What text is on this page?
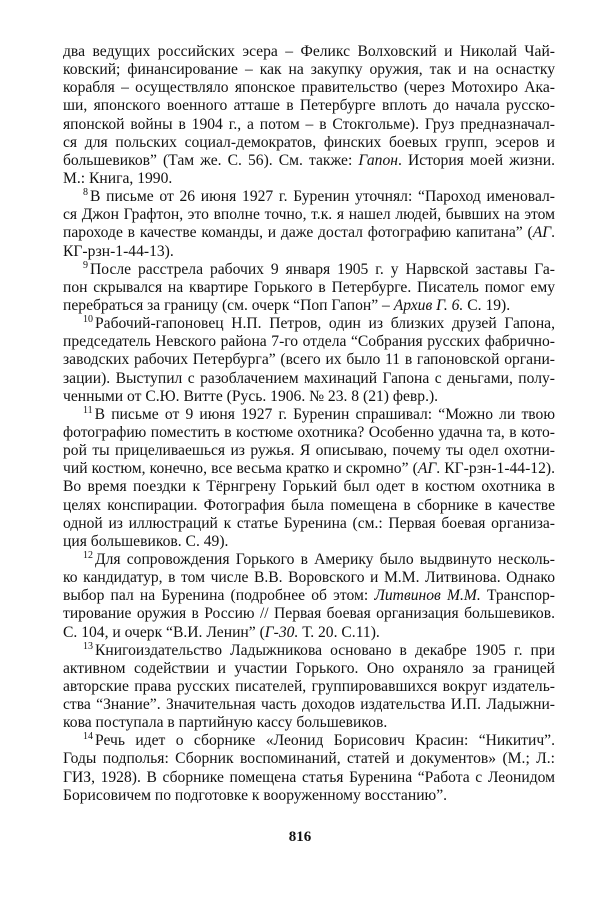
два ведущих российских эсера – Феликс Волховский и Николай Чай-
ковский; финансирование – как на закупку оружия, так и на оснастку
корабля – осуществляло японское правительство (через Мотохиро Ака-
ши, японского военного атташе в Петербурге вплоть до начала русско-
японской войны в 1904 г., а потом – в Стокгольме). Груз предназначал-
ся для польских социал-демократов, финских боевых групп, эсеров и
большевиков” (Там же. С. 56). См. также: Гапон. История моей жизни.
М.: Книга, 1990.
$^8$ В письме от 26 июня 1927 г. Буренин уточнял: “Пароход именовал-
ся Джон Графтон, это вполне точно, т.к. я нашел людей, бывших на этом
пароходе в качестве команды, и даже достал фотографию капитана” (АГ.
КГ-рзн-1-44-13).
$^9$ После расстрела рабочих 9 января 1905 г. у Нарвской заставы Га-
пон скрывался на квартире Горького в Петербурге. Писатель помог ему
перебраться за границу (см. очерк “Поп Гапон” – Архив Г. 6. С. 19).
$^{10}$ Рабочий-гапоновец Н.П. Петров, один из близких друзей Гапона,
председатель Невского района 7-го отдела “Собрания русских фабрично-
заводских рабочих Петербурга” (всего их было 11 в гапоновской органи-
зации). Выступил с разоблачением махинаций Гапона с деньгами, полу-
ченными от С.Ю. Витте (Русь. 1906. № 23. 8 (21) февр.).
$^{11}$ В письме от 9 июня 1927 г. Буренин спрашивал: “Можно ли твою
фотографию поместить в костюме охотника? Особенно удачна та, в кото-
рой ты прицеливаешься из ружья. Я описываю, почему ты одел охотни-
чий костюм, конечно, все весьма кратко и скромно” (АГ. КГ-рзн-1-44-12).
Во время поездки к Тёрнгрену Горький был одет в костюм охотника в
целях конспирации. Фотография была помещена в сборнике в качестве
одной из иллюстраций к статье Буренина (см.: Первая боевая организа-
ция большевиков. С. 49).
$^{12}$ Для сопровождения Горького в Америку было выдвинуто несколь-
ко кандидатур, в том числе В.В. Воровского и М.М. Литвинова. Однако
выбор пал на Буренина (подробнее об этом: Литвинов М.М. Транспор-
тирование оружия в Россию // Первая боевая организация большевиков.
С. 104, и очерк “В.И. Ленин” (Г-30. Т. 20. С.11).
$^{13}$ Книгоиздательство Ладыжникова основано в декабре 1905 г. при
активном содействии и участии Горького. Оно охраняло за границей
авторские права русских писателей, группировавшихся вокруг издатель-
ства “Знание”. Значительная часть доходов издательства И.П. Ладыжни-
кова поступала в партийную кассу большевиков.
$^{14}$ Речь идет о сборнике «Леонид Борисович Красин: “Никитич”.
Годы подполья: Сборник воспоминаний, статей и документов» (М.; Л.:
ГИЗ, 1928). В сборнике помещена статья Буренина “Работа с Леонидом
Борисовичем по подготовке к вооруженному восстанию”.
816
